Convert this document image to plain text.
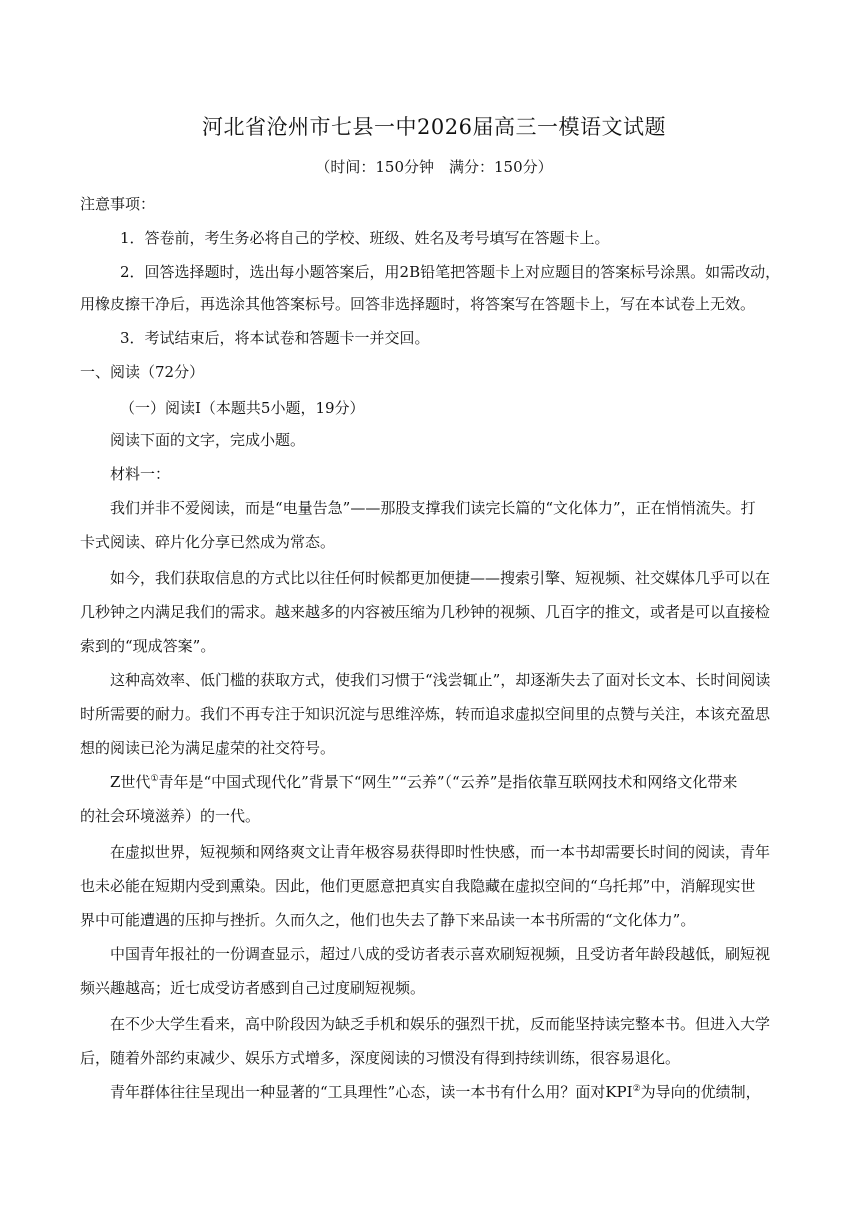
河北省沧州市七县一中2026届高三一模语文试题
（时间：150分钟　满分：150分）
注意事项：
1．答卷前，考生务必将自己的学校、班级、姓名及考号填写在答题卡上。
2．回答选择题时，选出每小题答案后，用2B铅笔把答题卡上对应题目的答案标号涂黑。如需改动，
用橡皮擦干净后，再选涂其他答案标号。回答非选择题时，将答案写在答题卡上，写在本试卷上无效。
3．考试结束后，将本试卷和答题卡一并交回。
一、阅读（72分）
（一）阅读Ⅰ（本题共5小题，19分）
阅读下面的文字，完成小题。
材料一：
我们并非不爱阅读，而是“电量告急”——那股支撑我们读完长篇的“文化体力”，正在悄悄流失。打
卡式阅读、碎片化分享已然成为常态。
如今，我们获取信息的方式比以往任何时候都更加便捷——搜索引擎、短视频、社交媒体几乎可以在
几秒钟之内满足我们的需求。越来越多的内容被压缩为几秒钟的视频、几百字的推文，或者是可以直接检
索到的“现成答案”。
这种高效率、低门槛的获取方式，使我们习惯于“浅尝辄止”，却逐渐失去了面对长文本、长时间阅读
时所需要的耐力。我们不再专注于知识沉淀与思维淬炼，转而追求虚拟空间里的点赞与关注，本该充盈思
想的阅读已沦为满足虚荣的社交符号。
Z世代①青年是“中国式现代化”背景下“网生”“云养”（“云养”是指依靠互联网技术和网络文化带来
的社会环境滋养）的一代。
在虚拟世界，短视频和网络爽文让青年极容易获得即时性快感，而一本书却需要长时间的阅读，青年
也未必能在短期内受到熏染。因此，他们更愿意把真实自我隐藏在虚拟空间的“乌托邦”中，消解现实世
界中可能遭遇的压抑与挫折。久而久之，他们也失去了静下来品读一本书所需的“文化体力”。
中国青年报社的一份调查显示，超过八成的受访者表示喜欢刷短视频，且受访者年龄段越低，刷短视
频兴趣越高；近七成受访者感到自己过度刷短视频。
在不少大学生看来，高中阶段因为缺乏手机和娱乐的强烈干扰，反而能坚持读完整本书。但进入大学
后，随着外部约束减少、娱乐方式增多，深度阅读的习惯没有得到持续训练，很容易退化。
青年群体往往呈现出一种显著的“工具理性”心态，读一本书有什么用？面对KPI②为导向的优绩制，
